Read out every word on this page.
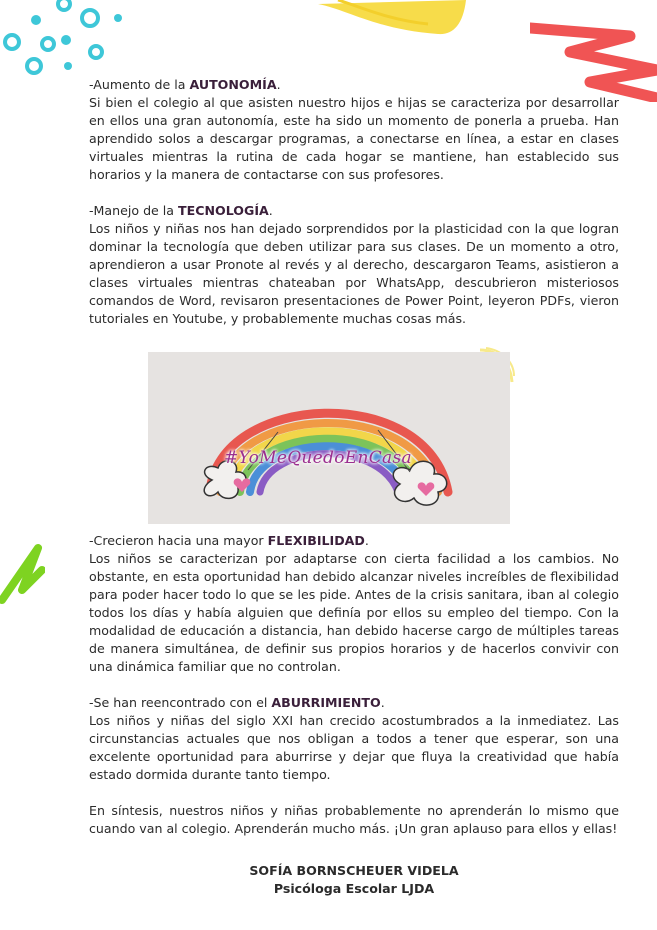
-Aumento de la AUTONOMÍA.

Si bien el colegio al que asisten nuestro hijos e hijas se caracteriza por desarrollar en ellos una gran autonomía, este ha sido un momento de ponerla a prueba. Han aprendido solos a descargar programas, a conectarse en línea, a estar en clases virtuales mientras la rutina de cada hogar se mantiene, han establecido sus horarios y la manera de contactarse con sus profesores.

-Manejo de la TECNOLOGÍA.

Los niños y niñas nos han dejado sorprendidos por la plasticidad con la que logran dominar la tecnología que deben utilizar para sus clases. De un momento a otro, aprendieron a usar Pronote al revés y al derecho, descargaron Teams, asistieron a clases virtuales mientras chateaban por WhatsApp, descubrieron misteriosos comandos de Word, revisaron presentaciones de Power Point, leyeron PDFs, vieron tutoriales en Youtube, y probablemente muchas cosas más.

#YoMeQuedoEnCasa

-Crecieron hacia una mayor FLEXIBILIDAD.

Los niños se caracterizan por adaptarse con cierta facilidad a los cambios. No obstante, en esta oportunidad han debido alcanzar niveles increíbles de flexibilidad para poder hacer todo lo que se les pide. Antes de la crisis sanitara, iban al colegio todos los días y había alguien que definía por ellos su empleo del tiempo. Con la modalidad de educación a distancia, han debido hacerse cargo de múltiples tareas de manera simultánea, de definir sus propios horarios y de hacerlos convivir con una dinámica familiar que no controlan.

-Se han reencontrado con el ABURRIMIENTO.

Los niños y niñas del siglo XXI han crecido acostumbrados a la inmediatez. Las circunstancias actuales que nos obligan a todos a tener que esperar, son una excelente oportunidad para aburrirse y dejar que fluya la creatividad que había estado dormida durante tanto tiempo.

En síntesis, nuestros niños y niñas probablemente no aprenderán lo mismo que cuando van al colegio. Aprenderán mucho más. ¡Un gran aplauso para ellos y ellas!

SOFÍA BORNSCHEUER VIDELA
Psicóloga Escolar LJDA
